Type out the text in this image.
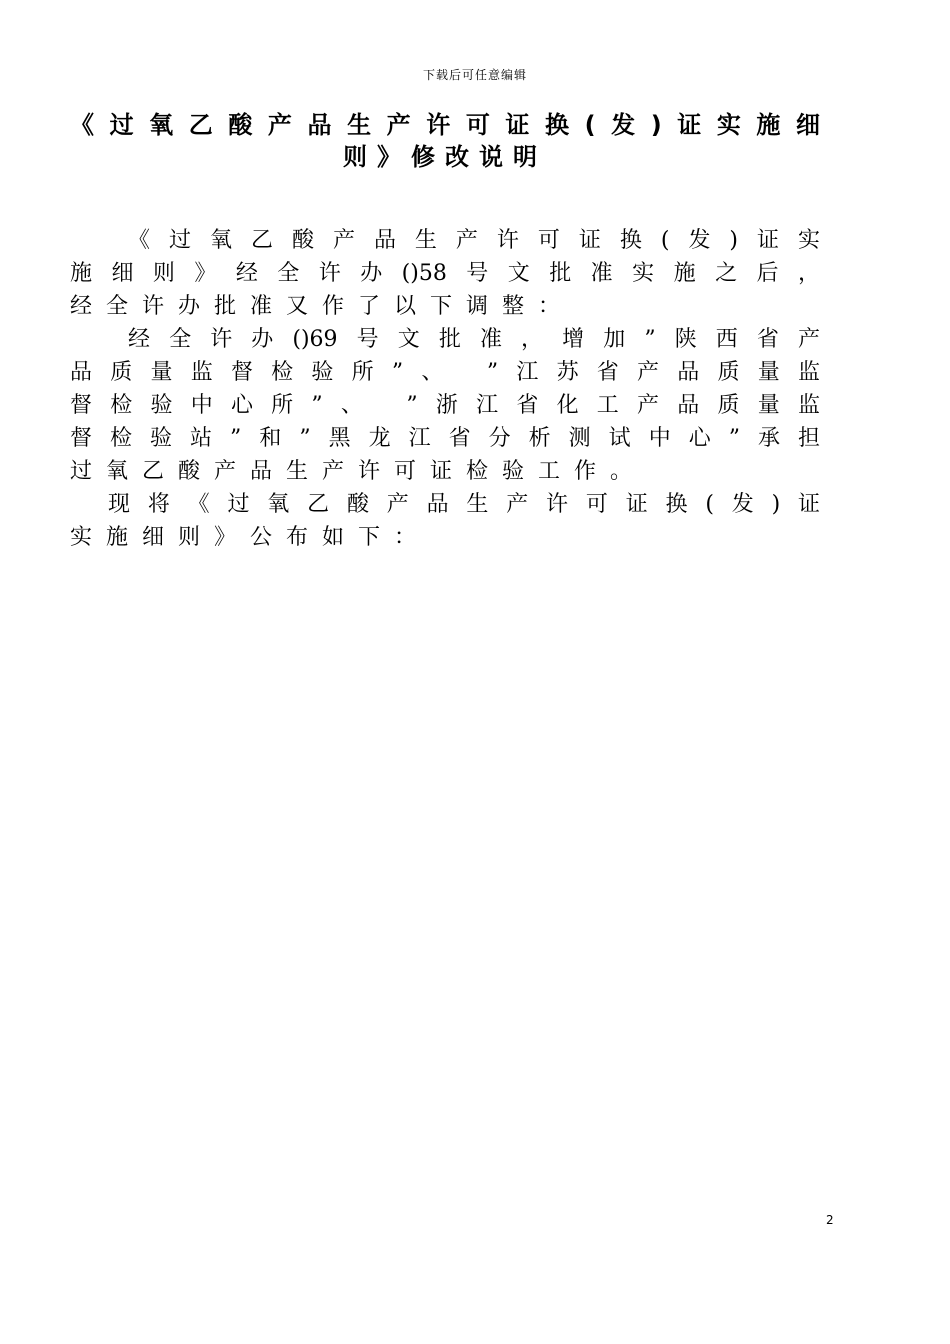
下载后可任意编辑
《过氧乙酸产品生产许可证换(发)证实施细
则》修改说明
《过氧乙酸产品生产许可证换(发)证实
施细则》经全许办()58号文批准实施之后，
经全许办批准又作了以下调整：
经全许办()69号文批准，增加”陕西省产
品质量监督检验所”、 ”江苏省产品质量监
督检验中心所”、 ”浙江省化工产品质量监
督检验站”和”黑龙江省分析测试中心”承担
过氧乙酸产品生产许可证检验工作。
现将《过氧乙酸产品生产许可证换(发)证
实施细则》公布如下：
2
